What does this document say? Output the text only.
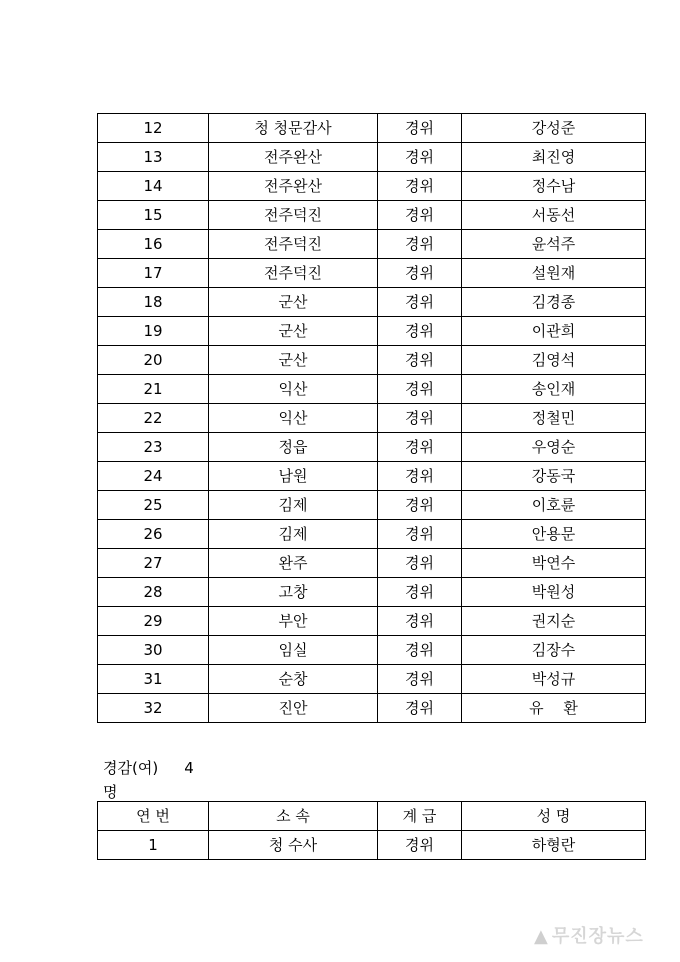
12	청 청문감사	경위	강성준
13	전주완산	경위	최진영
14	전주완산	경위	정수남
15	전주덕진	경위	서동선
16	전주덕진	경위	윤석주
17	전주덕진	경위	설원재
18	군산	경위	김경종
19	군산	경위	이관희
20	군산	경위	김영석
21	익산	경위	송인재
22	익산	경위	정철민
23	정읍	경위	우영순
24	남원	경위	강동국
25	김제	경위	이호륜
26	김제	경위	안용문
27	완주	경위	박연수
28	고창	경위	박원성
29	부안	경위	권지순
30	임실	경위	김장수
31	순창	경위	박성규
32	진안	경위	유　 환
경감(여) 4
명
연 번	소 속	계 급	성 명
1	청 수사	경위	하형란
▲ 무진장뉴스
